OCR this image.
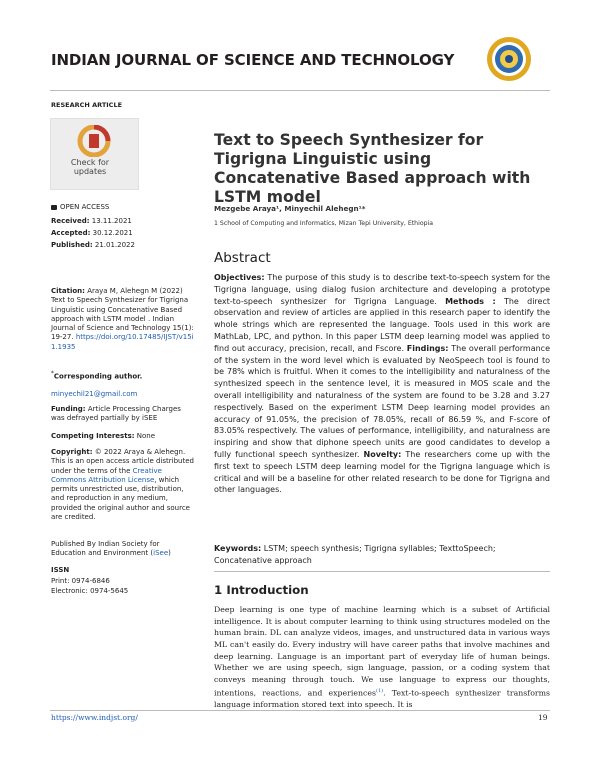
INDIAN JOURNAL OF SCIENCE AND TECHNOLOGY
RESEARCH ARTICLE
Check for updates
OPEN ACCESS
Received: 13.11.2021
Accepted: 30.12.2021
Published: 21.01.2022
Citation: Araya M, Alehegn M (2022) Text to Speech Synthesizer for Tigrigna Linguistic using Concatenative Based approach with LSTM model . Indian Journal of Science and Technology 15(1): 19-27. https://doi.org/10.17485/IJST/v15i1.1935
*Corresponding author.
minyechil21@gmail.com
Funding: Article Processing Charges was defrayed partially by iSEE
Competing Interests: None
Copyright: © 2022 Araya & Alehegn. This is an open access article distributed under the terms of the Creative Commons Attribution License, which permits unrestricted use, distribution, and reproduction in any medium, provided the original author and source are credited.
Published By Indian Society for Education and Environment (iSee)
ISSN
Print: 0974-6846
Electronic: 0974-5645
Text to Speech Synthesizer for Tigrigna Linguistic using Concatenative Based approach with LSTM model
Mezgebe Araya¹, Minyechil Alehegn¹*
1 School of Computing and Informatics, Mizan Tepi University, Ethiopia
Abstract
Objectives: The purpose of this study is to describe text-to-speech system for the Tigrigna language, using dialog fusion architecture and developing a prototype text-to-speech synthesizer for Tigrigna Language. Methods : The direct observation and review of articles are applied in this research paper to identify the whole strings which are represented the language. Tools used in this work are MathLab, LPC, and python. In this paper LSTM deep learning model was applied to find out accuracy, precision, recall, and Fscore. Findings: The overall performance of the system in the word level which is evaluated by NeoSpeech tool is found to be 78% which is fruitful. When it comes to the intelligibility and naturalness of the synthesized speech in the sentence level, it is measured in MOS scale and the overall intelligibility and naturalness of the system are found to be 3.28 and 3.27 respectively. Based on the experiment LSTM Deep learning model provides an accuracy of 91.05%, the precision of 78.05%, recall of 86.59 %, and F-score of 83.05% respectively. The values of performance, intelligibility, and naturalness are inspiring and show that diphone speech units are good candidates to develop a fully functional speech synthesizer. Novelty: The researchers come up with the first text to speech LSTM deep learning model for the Tigrigna language which is critical and will be a baseline for other related research to be done for Tigrigna and other languages.
Keywords: LSTM; speech synthesis; Tigrigna syllables; TexttoSpeech; Concatenative approach
1 Introduction
Deep learning is one type of machine learning which is a subset of Artificial intelligence. It is about computer learning to think using structures modeled on the human brain. DL can analyze videos, images, and unstructured data in various ways ML can't easily do. Every industry will have career paths that involve machines and deep learning. Language is an important part of everyday life of human beings. Whether we are using speech, sign language, passion, or a coding system that conveys meaning through touch. We use language to express our thoughts, intentions, reactions, and experiences$^{(1)}$. Text-to-speech synthesizer transforms language information stored text into speech. It is
https://www.indjst.org/	19
